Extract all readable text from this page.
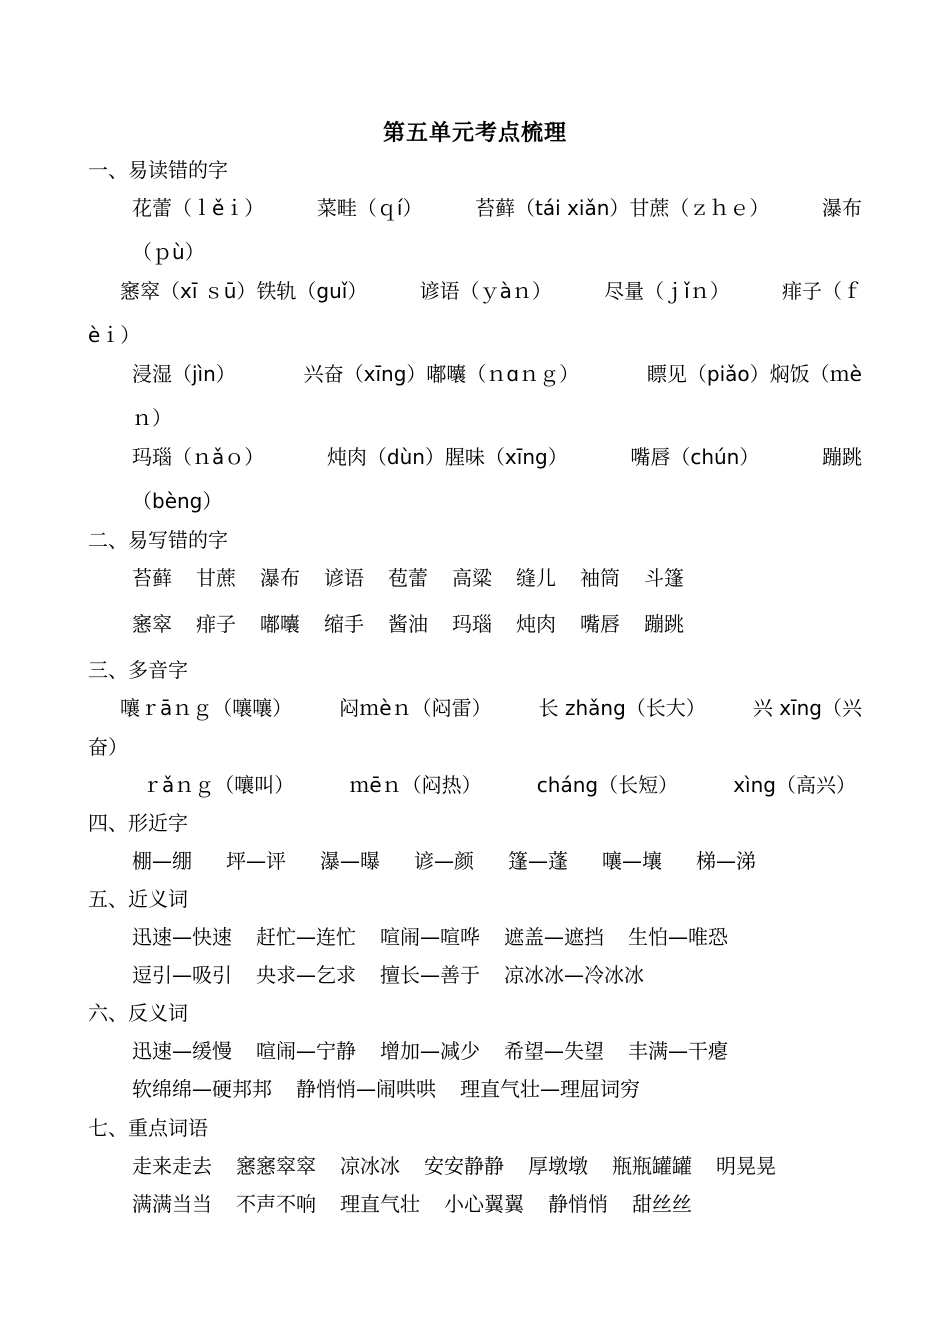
第五单元考点梳理
一、易读错的字
花蕾（ｌěｉ）	菜畦（ｑí）	苔藓（tái xiǎn）甘蔗（ｚｈｅ）	瀑布
（ｐù）
窸窣（xī ｓū）铁轨（guǐ）	谚语（ｙàｎ）	尽量（ｊǐｎ）	痱子（ｆ
èｉ）
浸湿（jìn）	兴奋（xīng）嘟囔（ｎɑｎｇ）	瞟见（piǎo）焖饭（ｍè
ｎ）
玛瑙（ｎǎｏ）	炖肉（dùn）腥味（xīng）	嘴唇（chún）	蹦跳
（bèng）
二、易写错的字
苔藓 甘蔗 瀑布 谚语 苞蕾 高粱 缝儿 袖筒 斗篷
窸窣 痱子 嘟囔 缩手 酱油 玛瑙 炖肉 嘴唇 蹦跳
三、多音字
嚷ｒāｎｇ（嚷嚷） 闷ｍèｎ（闷雷） 长 zhǎng（长大） 兴 xīng（兴
奋）
ｒǎｎｇ（嚷叫）	ｍēｎ（闷热）	cháng（长短）	xìng（高兴）
四、形近字
棚—绷 坪—评 瀑—曝 谚—颜 篷—蓬 嚷—壤 梯—涕
五、近义词
迅速—快速 赶忙—连忙 喧闹—喧哗 遮盖—遮挡 生怕—唯恐
逗引—吸引 央求—乞求 擅长—善于 凉冰冰—冷冰冰
六、反义词
迅速—缓慢 喧闹—宁静 增加—减少 希望—失望 丰满—干瘪
软绵绵—硬邦邦 静悄悄—闹哄哄 理直气壮—理屈词穷
七、重点词语
走来走去 窸窸窣窣 凉冰冰 安安静静 厚墩墩 瓶瓶罐罐 明晃晃
满满当当 不声不响 理直气壮 小心翼翼 静悄悄 甜丝丝
